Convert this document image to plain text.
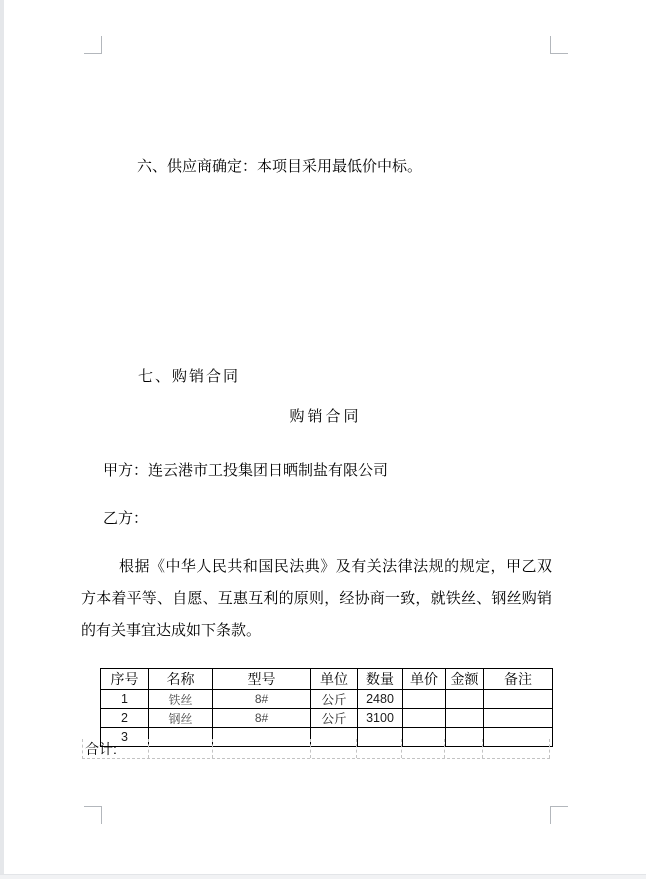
六、供应商确定：本项目采用最低价中标。
七、购销合同
购销合同
甲方：连云港市工投集团日晒制盐有限公司
乙方：
根据《中华人民共和国民法典》及有关法律法规的规定，甲乙双方本着平等、自愿、互惠互利的原则，经协商一致，就铁丝、钢丝购销的有关事宜达成如下条款。
序号	名称	型号	单位	数量	单价	金额	备注
1	铁丝	8#	公斤	2480			
2	钢丝	8#	公斤	3100			
3							
合计:
